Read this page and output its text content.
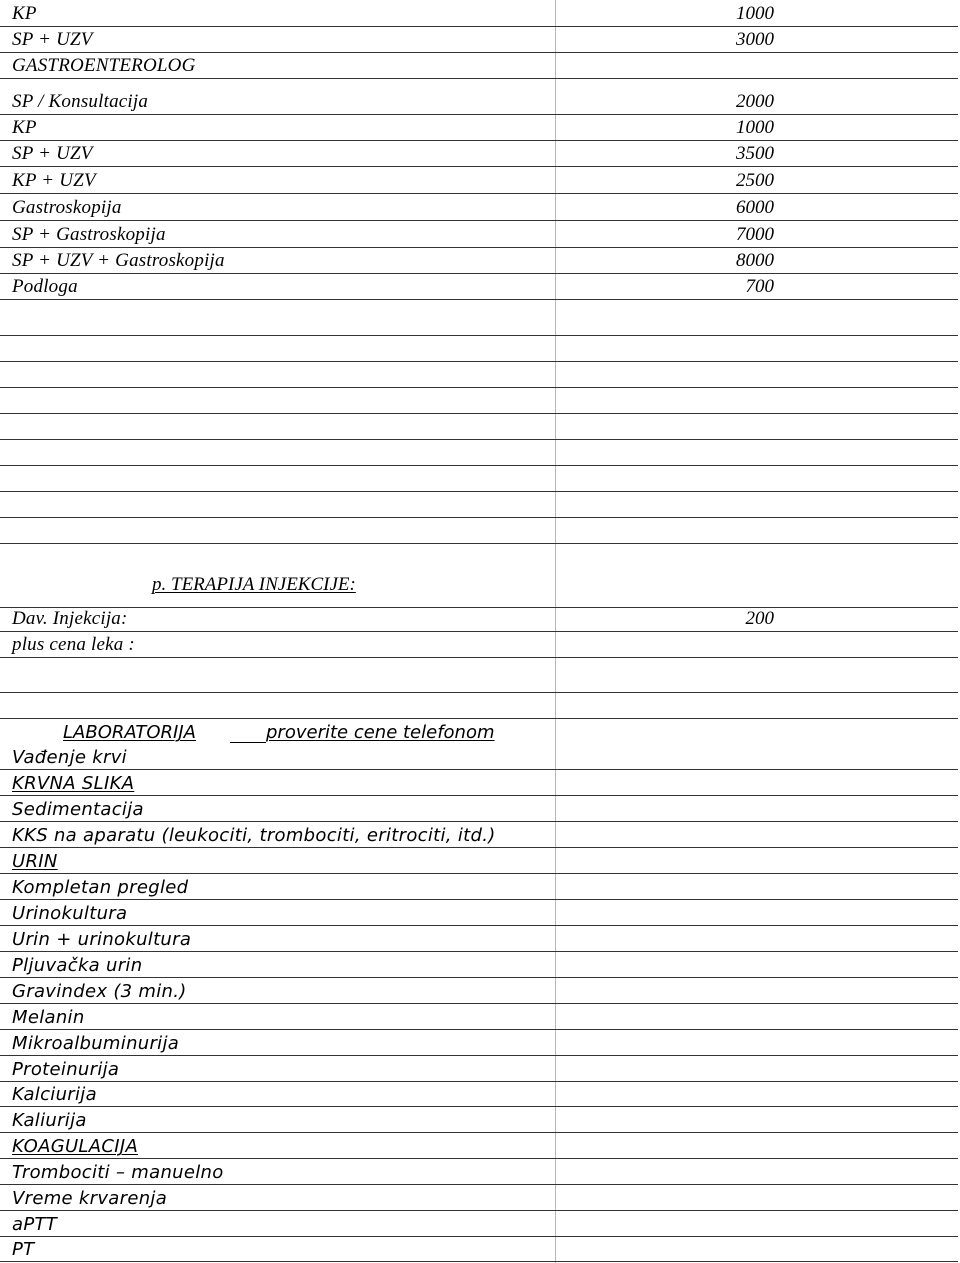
KP	1000
SP + UZV	3000
GASTROENTEROLOG
SP / Konsultacija	2000
KP	1000
SP + UZV	3500
KP + UZV	2500
Gastroskopija	6000
SP + Gastroskopija	7000
SP + UZV + Gastroskopija	8000
Podloga	700
p. TERAPIJA INJEKCIJE:
Dav. Injekcija:	200
plus cena leka :
LABORATORIJA	proverite cene telefonom
Vađenje krvi
KRVNA SLIKA
Sedimentacija
KKS na aparatu (leukociti, trombociti, eritrociti, itd.)
URIN
Kompletan pregled
Urinokultura
Urin + urinokultura
Pljuvačka urin
Gravindex (3 min.)
Melanin
Mikroalbuminurija
Proteinurija
Kalciurija
Kaliurija
KOAGULACIJA
Trombociti – manuelno
Vreme krvarenja
aPTT
PT
